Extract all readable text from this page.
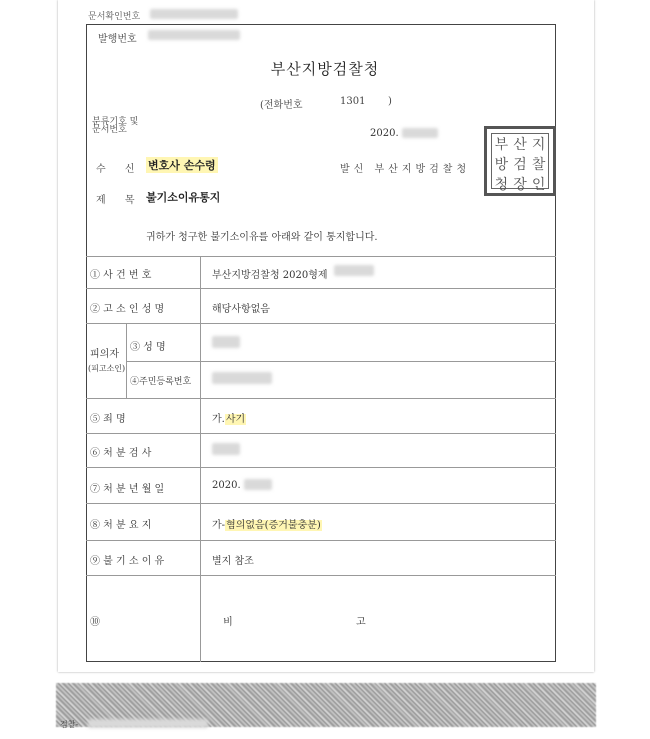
문서확인번호
발행번호
부산지방검찰청
(전화번호	1301 )
분류기호 및
문서번호	2020.
수 신 변호사 손수령	발신 부산지방검찰청
제 목 불기소이유통지
부 산 지
방 검 찰
청 장 인
귀하가 청구한 불기소이유를 아래와 같이 통지합니다.
① 사 건 번 호	부산지방검찰청 2020형제
② 고 소 인 성 명	해당사항없음
피의자
(피고소인)
③ 성 명
④주민등록번호
⑤ 죄 명	가.사기
⑥ 처 분 검 사
⑦ 처 분 년 월 일	2020.
⑧ 처 분 요 지	가-혐의없음(증거불충분)
⑨ 불 기 소 이 유	별지 참조
⑩ 비 고
검찰-
